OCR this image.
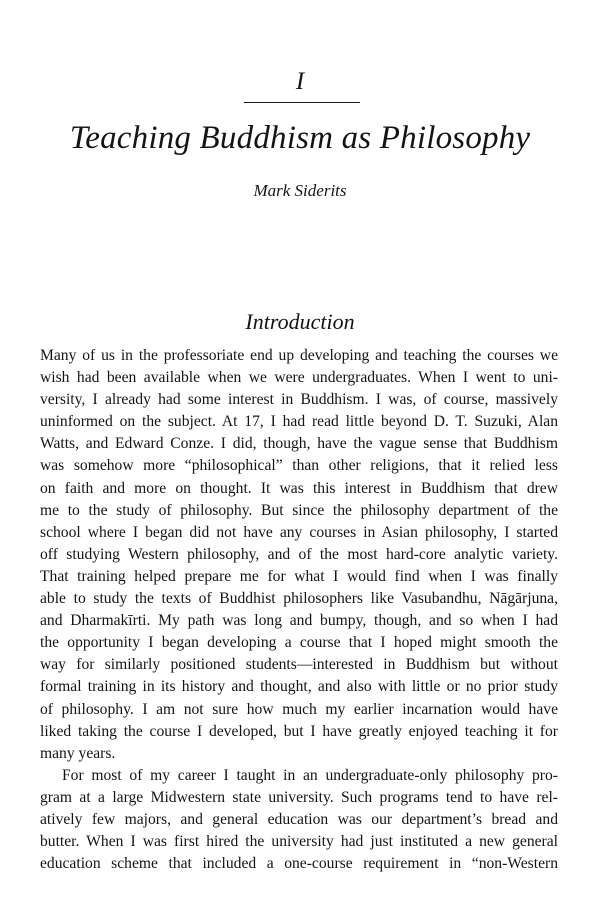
I
Teaching Buddhism as Philosophy
Mark Siderits
Introduction

Many of us in the professoriate end up developing and teaching the courses we
wish had been available when we were undergraduates. When I went to uni-
versity, I already had some interest in Buddhism. I was, of course, massively
uninformed on the subject. At 17, I had read little beyond D. T. Suzuki, Alan
Watts, and Edward Conze. I did, though, have the vague sense that Buddhism
was somehow more “philosophical” than other religions, that it relied less
on faith and more on thought. It was this interest in Buddhism that drew
me to the study of philosophy. But since the philosophy department of the
school where I began did not have any courses in Asian philosophy, I started
off studying Western philosophy, and of the most hard-core analytic variety.
That training helped prepare me for what I would find when I was finally
able to study the texts of Buddhist philosophers like Vasubandhu, Nāgārjuna,
and Dharmakīrti. My path was long and bumpy, though, and so when I had
the opportunity I began developing a course that I hoped might smooth the
way for similarly positioned students—interested in Buddhism but without
formal training in its history and thought, and also with little or no prior study
of philosophy. I am not sure how much my earlier incarnation would have
liked taking the course I developed, but I have greatly enjoyed teaching it for
many years.

For most of my career I taught in an undergraduate-only philosophy pro-
gram at a large Midwestern state university. Such programs tend to have rel-
atively few majors, and general education was our department’s bread and
butter. When I was first hired the university had just instituted a new general
education scheme that included a one-course requirement in “non-Western
